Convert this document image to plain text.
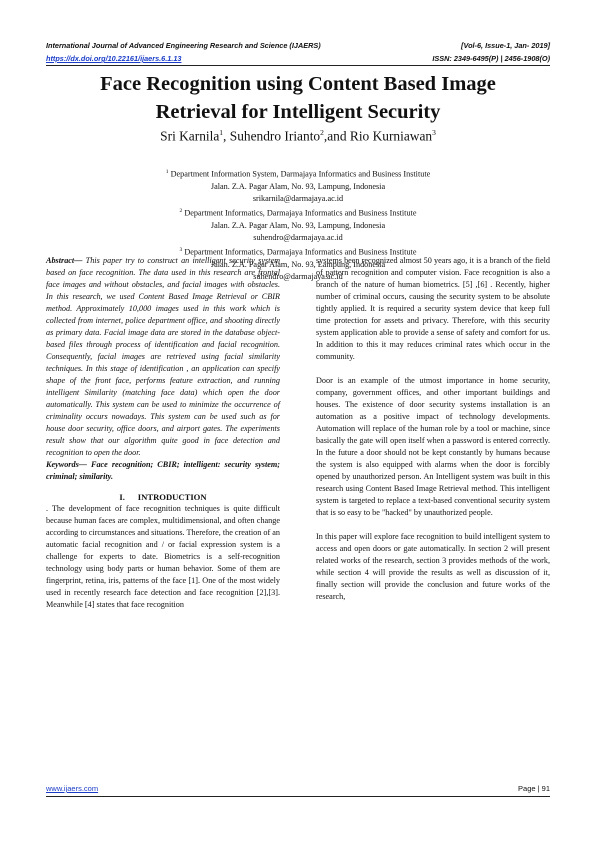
International Journal of Advanced Engineering Research and Science (IJAERS)	[Vol-6, Issue-1, Jan- 2019]
https://dx.doi.org/10.22161/ijaers.6.1.13	ISSN: 2349-6495(P) | 2456-1908(O)
Face Recognition using Content Based Image
Retrieval for Intelligent Security
Sri Karnila$^1$, Suhendro Irianto$^2$,and Rio Kurniawan$^3$
$^1$ Department Information System, Darmajaya Informatics and Business Institute
Jalan. Z.A. Pagar Alam, No. 93, Lampung, Indonesia
srikarnila@darmajaya.ac.id
$^2$ Department Informatics, Darmajaya Informatics and Business Institute
Jalan. Z.A. Pagar Alam, No. 93, Lampung, Indonesia
suhendro@darmajaya.ac.id
$^3$ Department Informatics, Darmajaya Informatics and Business Institute
Jalan. Z.A. Pagar Alam, No. 93, Lampung, Indonesia
suhendro@darmajaya.ac.id

Abstract— This paper try to construct an intelligent security system based on face recognition. The data used in this research are frontal face images and without obstacles, and facial images with obstacles. In this research, we used Content Based Image Retrieval or CBIR method. Approximately 10,000 images used in this work which is collected from internet, police department office, and shooting directly as primary data. Facial image data are stored in the database object-based files through process of identification and facial recognition. Consequently, facial images are retrieved using facial similarity techniques. In this stage of identification , an application can specify shape of the front face, performs feature extraction, and running intelligent Similarity (matching face data) which open the door automatically. This system can be used to minimize the occurrence of criminality occurs nowadays. This system can be used such as for house door security, office doors, and airport gates. The experiments result show that our algorithm quite good in face detection and recognition to open the door.

Keywords— Face recognition; CBIR; intelligent: security system; criminal; similarity.

I.      INTRODUCTION

. The development of face recognition techniques is quite difficult because human faces are complex, multidimensional, and often change according to circumstances and situations. Therefore, the creation of an automatic facial recognition and / or facial expression system is a challenge for experts to date. Biometrics is a self-recognition technology using body parts or human behavior. Some of them are fingerprint, retina, iris, patterns of the face [1]. One of the most widely used in recently research face detection and face recognition [2],[3]. Meanwhile [4] states that face recognition

systems been recognized almost 50 years ago, it is a branch of the field of pattern recognition and computer vision. Face recognition is also a branch of the nature of human biometrics. [5] ,[6] . Recently, higher number of criminal occurs, causing the security system to be absolute tightly applied. It is required a security system device that keep full time protection for assets and privacy. Therefore, with this security system application able to provide a sense of safety and comfort for us. In addition to this it may reduces criminal rates which occur in the community.

Door is an example of the utmost importance in home security, company, government offices, and other important buildings and houses. The existence of door security systems installation is an automation as a positive impact of technology developments. Automation will replace of the human role by a tool or machine, since basically the gate will open itself when a password is entered correctly. In the future a door should not be kept constantly by humans because the system is also equipped with alarms when the door is forcibly opened by unauthorized person. An Intelligent system was built in this research using Content Based Image Retrieval method. This intelligent system is targeted to replace a text-based conventional security system that is so easy to be "hacked" by unauthorized people.

In this paper will explore face recognition to build intelligent system to access and open doors or gate automatically. In section 2 will present related works of the research, section 3 provides methods of the work, while section 4 will provide the results as well as discussion of it, finally section will provide the conclusion and future works of the research,

www.ijaers.com	Page | 91
